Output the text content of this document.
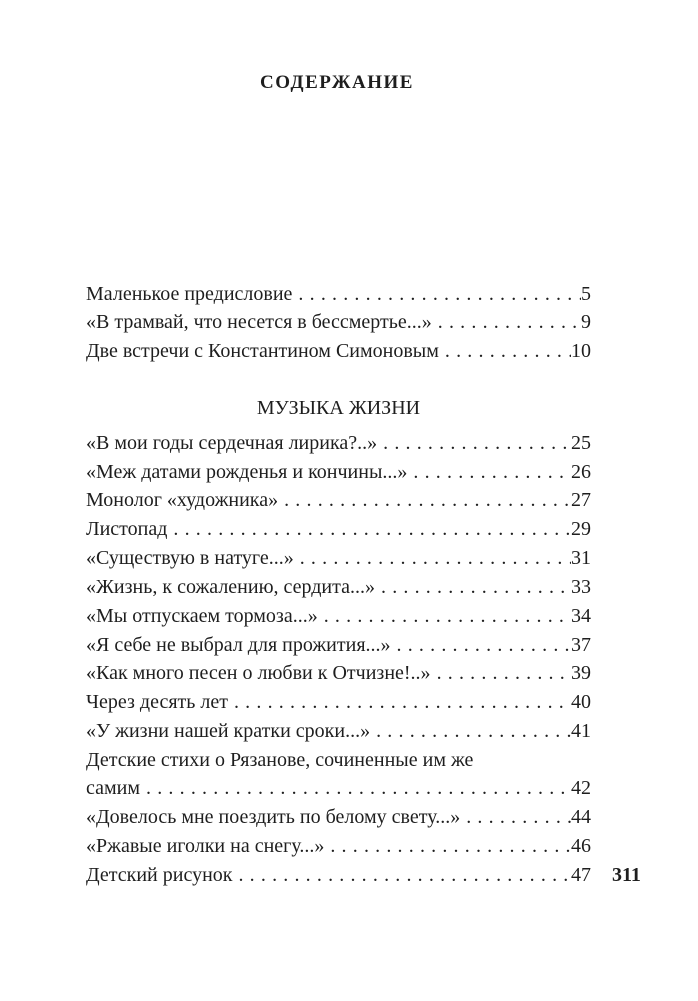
СОДЕРЖАНИЕ
Маленькое предисловие . . .	5
«В трамвай, что несется в бессмертье...» . . .	9
Две встречи с Константином Симоновым . . .	10
МУЗЫКА ЖИЗНИ
«В мои годы сердечная лирика?..» . . .	25
«Меж датами рожденья и кончины...» . . .	26
Монолог «художника» . . .	27
Листопад . . .	29
«Существую в натуге...» . . .	31
«Жизнь, к сожалению, сердита...» . . .	33
«Мы отпускаем тормоза...» . . .	34
«Я себе не выбрал для прожития...» . . .	37
«Как много песен о любви к Отчизне!..» . . .	39
Через десять лет . . .	40
«У жизни нашей кратки сроки...» . . .	41
Детские стихи о Рязанове, сочиненные им же
самим . . .	42
«Довелось мне поездить по белому свету...» . . .	44
«Ржавые иголки на снегу...» . . .	46
Детский рисунок . . .	47 311
